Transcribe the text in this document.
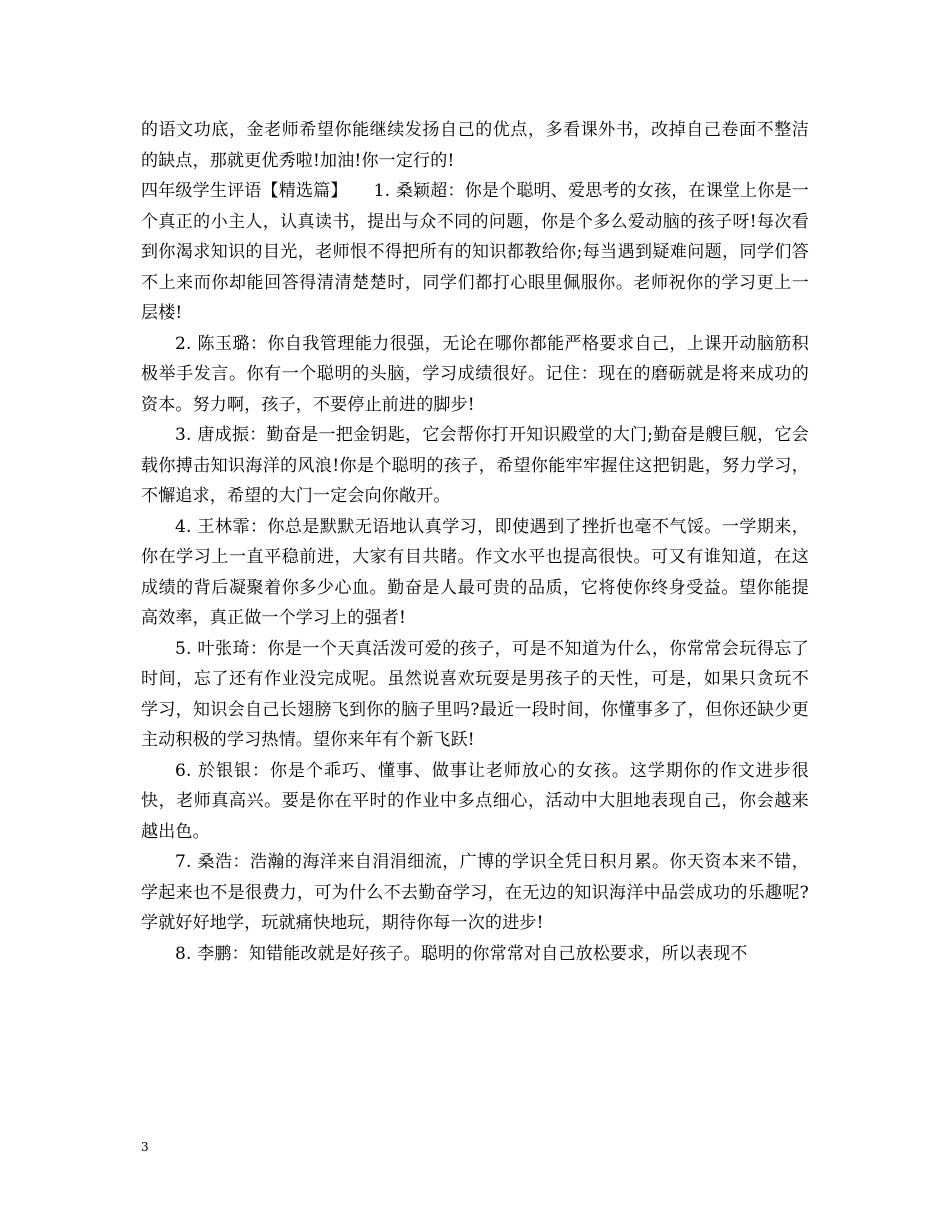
的语文功底，金老师希望你能继续发扬自己的优点，多看课外书，改掉自己卷面不整洁的缺点，那就更优秀啦!加油!你一定行的!

四年级学生评语【精选篇】 1. 桑颖超：你是个聪明、爱思考的女孩，在课堂上你是一个真正的小主人，认真读书，提出与众不同的问题，你是个多么爱动脑的孩子呀!每次看到你渴求知识的目光，老师恨不得把所有的知识都教给你;每当遇到疑难问题，同学们答不上来而你却能回答得清清楚楚时，同学们都打心眼里佩服你。老师祝你的学习更上一层楼!

2. 陈玉璐：你自我管理能力很强，无论在哪你都能严格要求自己，上课开动脑筋积极举手发言。你有一个聪明的头脑，学习成绩很好。记住：现在的磨砺就是将来成功的资本。努力啊，孩子，不要停止前进的脚步!

3. 唐成振：勤奋是一把金钥匙，它会帮你打开知识殿堂的大门;勤奋是艘巨舰，它会载你搏击知识海洋的风浪!你是个聪明的孩子，希望你能牢牢握住这把钥匙，努力学习，不懈追求，希望的大门一定会向你敞开。

4. 王林霏：你总是默默无语地认真学习，即使遇到了挫折也毫不气馁。一学期来，你在学习上一直平稳前进，大家有目共睹。作文水平也提高很快。可又有谁知道，在这成绩的背后凝聚着你多少心血。勤奋是人最可贵的品质，它将使你终身受益。望你能提高效率，真正做一个学习上的强者!

5. 叶张琦：你是一个天真活泼可爱的孩子，可是不知道为什么，你常常会玩得忘了时间，忘了还有作业没完成呢。虽然说喜欢玩耍是男孩子的天性，可是，如果只贪玩不学习，知识会自己长翅膀飞到你的脑子里吗?最近一段时间，你懂事多了，但你还缺少更主动积极的学习热情。望你来年有个新飞跃!

6. 於银银：你是个乖巧、懂事、做事让老师放心的女孩。这学期你的作文进步很快，老师真高兴。要是你在平时的作业中多点细心，活动中大胆地表现自己，你会越来越出色。

7. 桑浩：浩瀚的海洋来自涓涓细流，广博的学识全凭日积月累。你天资本来不错，学起来也不是很费力，可为什么不去勤奋学习，在无边的知识海洋中品尝成功的乐趣呢?学就好好地学，玩就痛快地玩，期待你每一次的进步!

8. 李鹏：知错能改就是好孩子。聪明的你常常对自己放松要求，所以表现不

3
